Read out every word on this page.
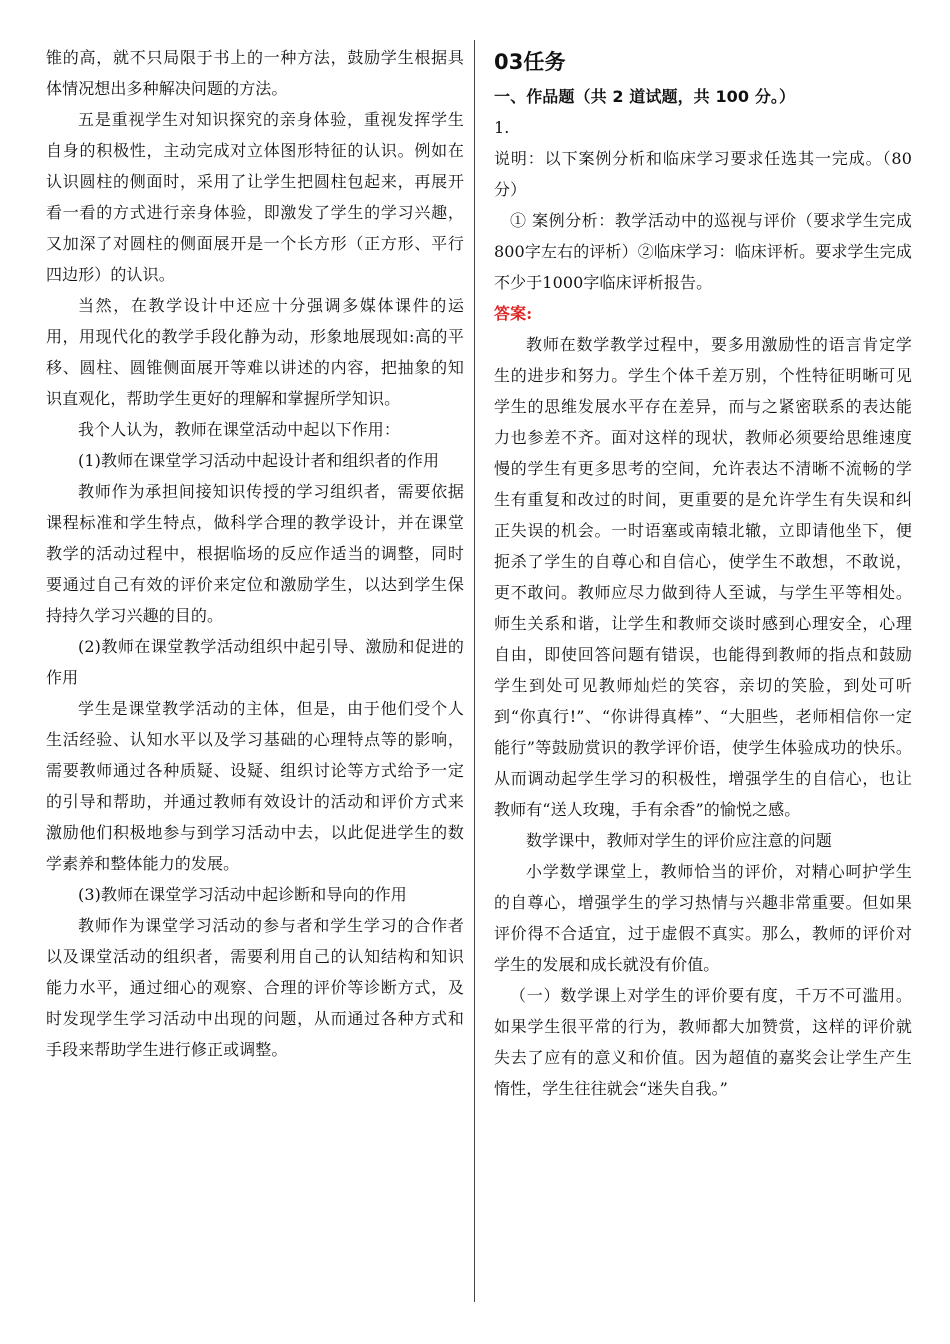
锥的高，就不只局限于书上的一种方法，鼓励学生根据具体情况想出多种解决问题的方法。

五是重视学生对知识探究的亲身体验，重视发挥学生自身的积极性，主动完成对立体图形特征的认识。例如在认识圆柱的侧面时，采用了让学生把圆柱包起来，再展开看一看的方式进行亲身体验，即激发了学生的学习兴趣，又加深了对圆柱的侧面展开是一个长方形（正方形、平行四边形）的认识。

当然，在教学设计中还应十分强调多媒体课件的运用，用现代化的教学手段化静为动，形象地展现如:高的平移、圆柱、圆锥侧面展开等难以讲述的内容，把抽象的知识直观化，帮助学生更好的理解和掌握所学知识。

我个人认为，教师在课堂活动中起以下作用：

(1)教师在课堂学习活动中起设计者和组织者的作用

教师作为承担间接知识传授的学习组织者，需要依据课程标准和学生特点，做科学合理的教学设计，并在课堂教学的活动过程中，根据临场的反应作适当的调整，同时要通过自己有效的评价来定位和激励学生，以达到学生保持持久学习兴趣的目的。

(2)教师在课堂教学活动组织中起引导、激励和促进的作用

学生是课堂教学活动的主体，但是，由于他们受个人生活经验、认知水平以及学习基础的心理特点等的影响，需要教师通过各种质疑、设疑、组织讨论等方式给予一定的引导和帮助，并通过教师有效设计的活动和评价方式来激励他们积极地参与到学习活动中去，以此促进学生的数学素养和整体能力的发展。

(3)教师在课堂学习活动中起诊断和导向的作用

教师作为课堂学习活动的参与者和学生学习的合作者以及课堂活动的组织者，需要利用自己的认知结构和知识能力水平，通过细心的观察、合理的评价等诊断方式，及时发现学生学习活动中出现的问题，从而通过各种方式和手段来帮助学生进行修正或调整。

03任务

一、作品题（共 2 道试题，共 100 分。）

1.

说明：以下案例分析和临床学习要求任选其一完成。（80分）

① 案例分析：教学活动中的巡视与评价（要求学生完成800字左右的评析）②临床学习：临床评析。要求学生完成不少于1000字临床评析报告。

答案:

教师在数学教学过程中，要多用激励性的语言肯定学生的进步和努力。学生个体千差万别，个性特征明晰可见学生的思维发展水平存在差异，而与之紧密联系的表达能力也参差不齐。面对这样的现状，教师必须要给思维速度慢的学生有更多思考的空间，允许表达不清晰不流畅的学生有重复和改过的时间，更重要的是允许学生有失误和纠正失误的机会。一时语塞或南辕北辙，立即请他坐下，便扼杀了学生的自尊心和自信心，使学生不敢想，不敢说，更不敢问。教师应尽力做到待人至诚，与学生平等相处。师生关系和谐，让学生和教师交谈时感到心理安全，心理自由，即使回答问题有错误，也能得到教师的指点和鼓励学生到处可见教师灿烂的笑容，亲切的笑脸，到处可听到“你真行!”、“你讲得真棒”、“大胆些，老师相信你一定能行”等鼓励赏识的教学评价语，使学生体验成功的快乐。从而调动起学生学习的积极性，增强学生的自信心，也让教师有“送人玫瑰，手有余香”的愉悦之感。

数学课中，教师对学生的评价应注意的问题

小学数学课堂上，教师恰当的评价，对精心呵护学生的自尊心，增强学生的学习热情与兴趣非常重要。但如果评价得不合适宜，过于虚假不真实。那么，教师的评价对学生的发展和成长就没有价值。

（一）数学课上对学生的评价要有度，千万不可滥用。如果学生很平常的行为，教师都大加赞赏，这样的评价就失去了应有的意义和价值。因为超值的嘉奖会让学生产生惰性，学生往往就会“迷失自我。”
